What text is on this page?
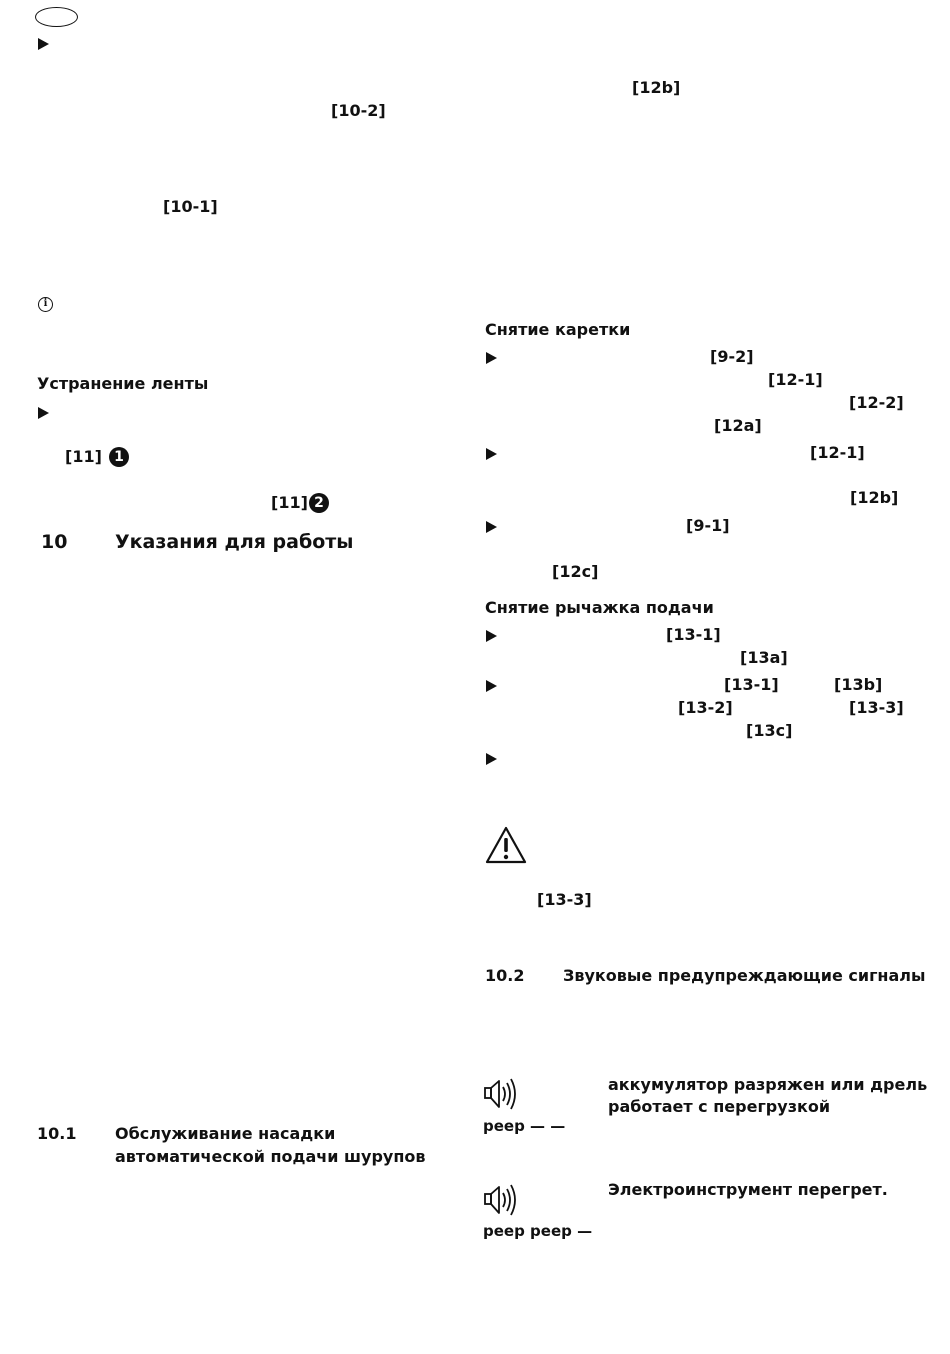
[10-2]
[10-1]
i
Устранение ленты
[11] 1
[11] 2
10	Указания для работы
10.1 Обслуживание насадки
автоматической подачи шурупов
[12b]
Снятие каретки
[9-2]
[12-1]
[12-2]
[12a]
[12-1]
[12b]
[9-1]
[12c]
Снятие рычажка подачи
[13-1]
[13a]
[13-1]	[13b]
[13-2]	[13-3]
[13c]
[13-3]
10.2 Звуковые предупреждающие сигналы
peep — —
аккумулятор разряжен или дрель
работает с перегрузкой
peep peep —
Электроинструмент перегрет.
